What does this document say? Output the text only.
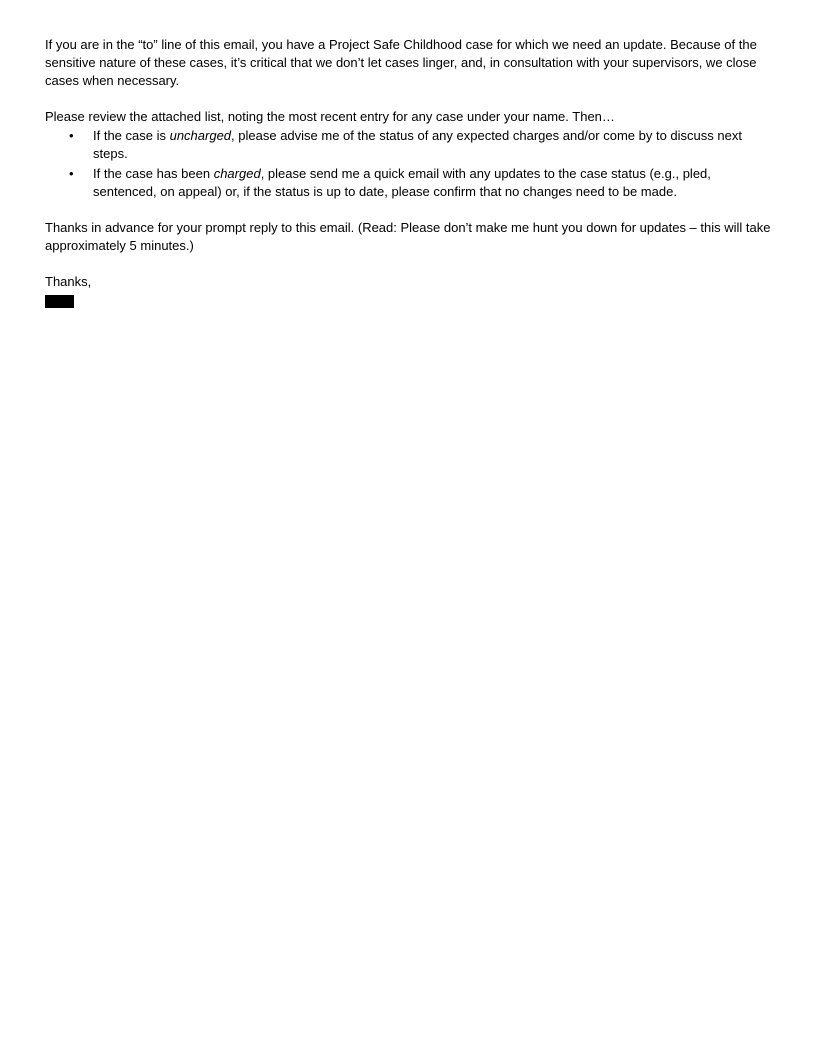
If you are in the “to” line of this email, you have a Project Safe Childhood case for which we need an update. Because of the sensitive nature of these cases, it’s critical that we don’t let cases linger, and, in consultation with your supervisors, we close cases when necessary.

Please review the attached list, noting the most recent entry for any case under your name. Then…

•	If the case is uncharged, please advise me of the status of any expected charges and/or come by to discuss next steps.
•	If the case has been charged, please send me a quick email with any updates to the case status (e.g., pled, sentenced, on appeal) or, if the status is up to date, please confirm that no changes need to be made.

Thanks in advance for your prompt reply to this email. (Read: Please don’t make me hunt you down for updates – this will take approximately 5 minutes.)

Thanks,
